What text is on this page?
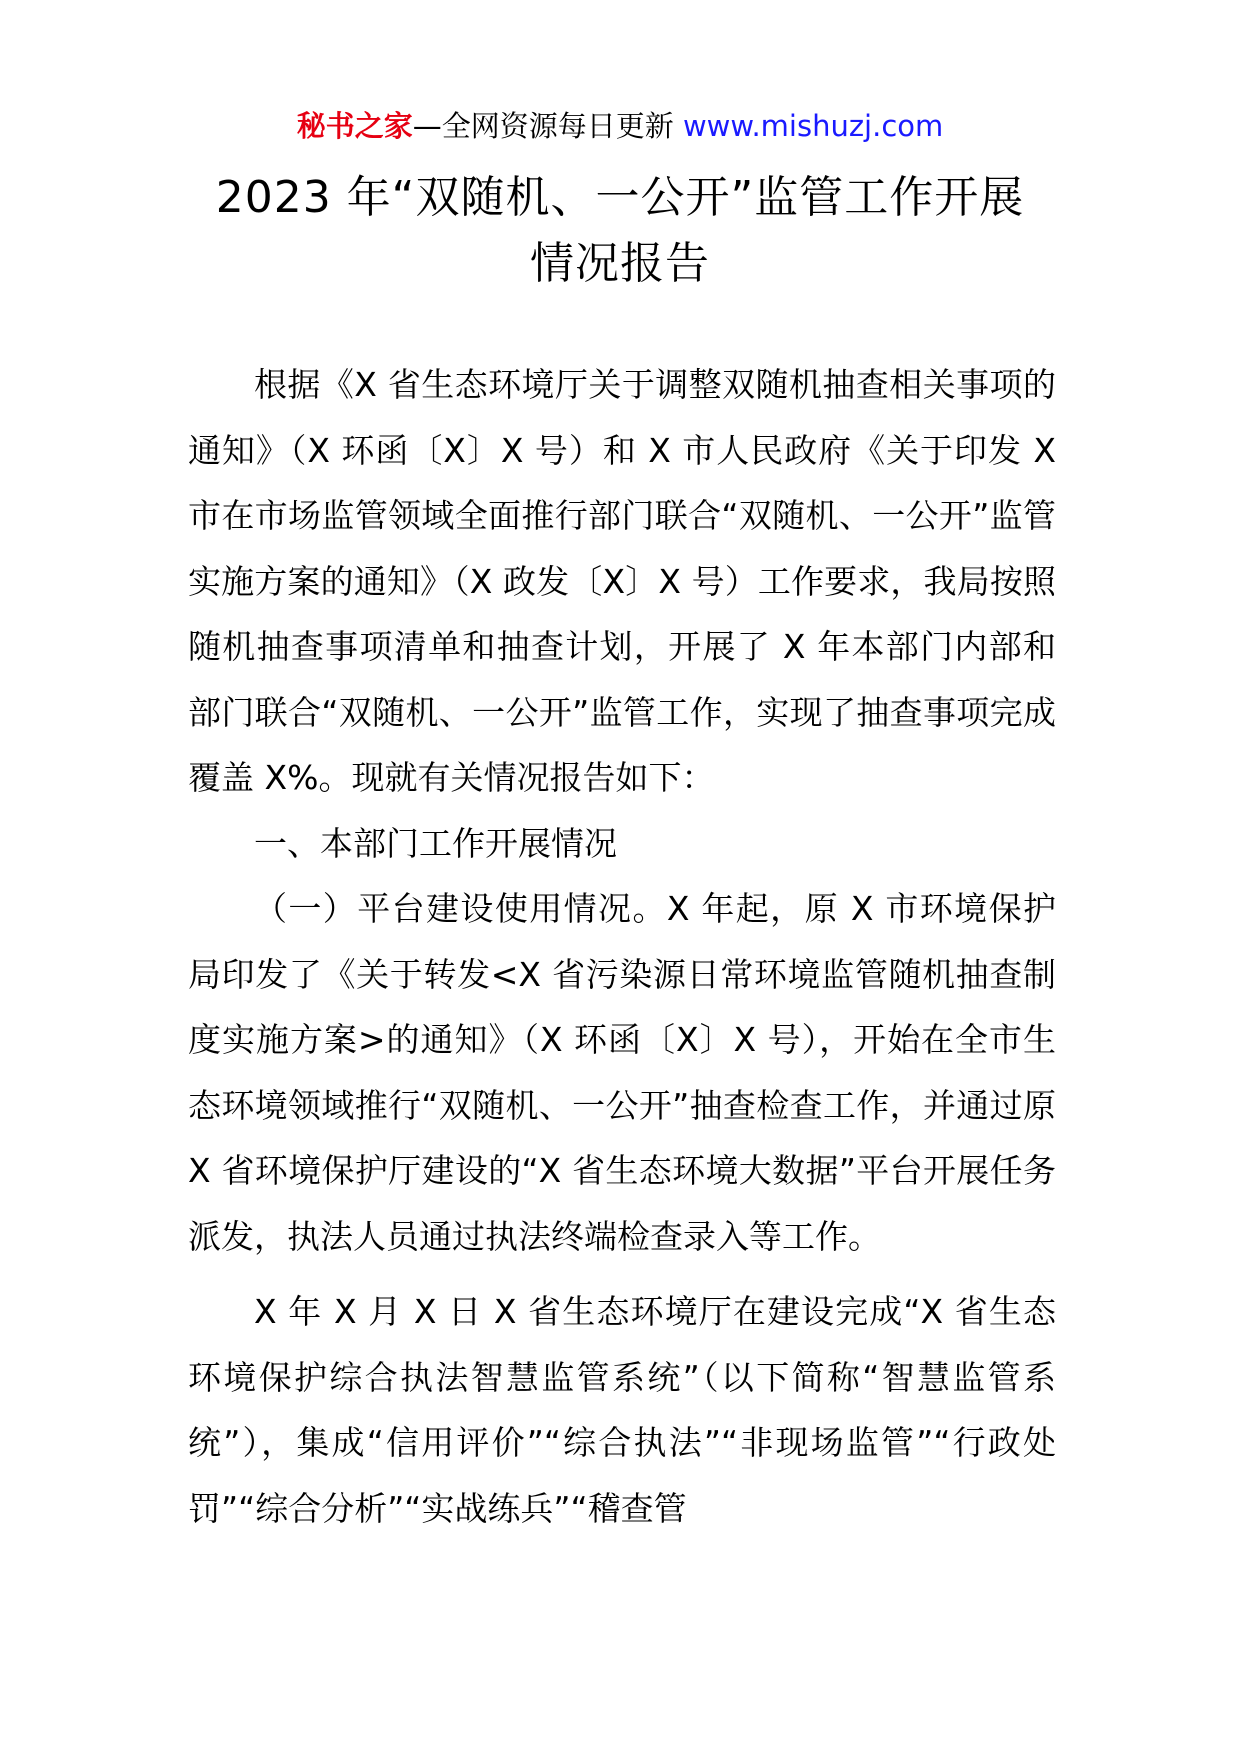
秘书之家—全网资源每日更新 www.mishuzj.com
2023 年“双随机、一公开”监管工作开展
情况报告

根据《X 省生态环境厅关于调整双随机抽查相关事项的通知》（X 环函〔X〕X 号）和 X 市人民政府《关于印发 X 市在市场监管领域全面推行部门联合“双随机、一公开”监管实施方案的通知》（X 政发〔X〕X 号）工作要求，我局按照随机抽查事项清单和抽查计划，开展了 X 年本部门内部和部门联合“双随机、一公开”监管工作，实现了抽查事项完成覆盖 X%。现就有关情况报告如下：

一、本部门工作开展情况

（一）平台建设使用情况。X 年起，原 X 市环境保护局印发了《关于转发<X 省污染源日常环境监管随机抽查制度实施方案>的通知》（X 环函〔X〕X 号），开始在全市生态环境领域推行“双随机、一公开”抽查检查工作，并通过原 X 省环境保护厅建设的“X 省生态环境大数据”平台开展任务派发，执法人员通过执法终端检查录入等工作。

X 年 X 月 X 日 X 省生态环境厅在建设完成“X 省生态环境保护综合执法智慧监管系统”（以下简称“智慧监管系统”），集成“信用评价”“综合执法”“非现场监管”“行政处罚”“综合分析”“实战练兵”“稽查管
